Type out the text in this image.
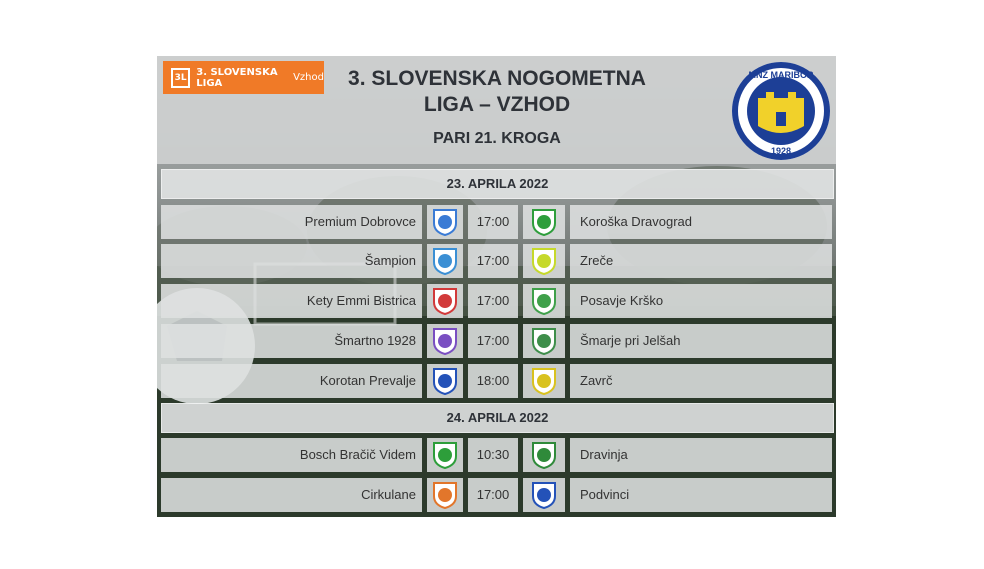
3L 3. SLOVENSKA LIGA	Vzhod	3. SLOVENSKA NOGOMETNA
LIGA – VZHOD
PARI 21. KROGA
MNZ MARIBOR
1928
23. APRILA 2022
Premium Dobrovce	17:00	Koroška Dravograd
Šampion	17:00	Zreče
Kety Emmi Bistrica	17:00	Posavje Krško
Šmartno 1928	17:00	Šmarje pri Jelšah
Korotan Prevalje	18:00	Zavrč
24. APRILA 2022
Bosch Bračič Videm	10:30	Dravinja
Cirkulane	17:00	Podvinci
